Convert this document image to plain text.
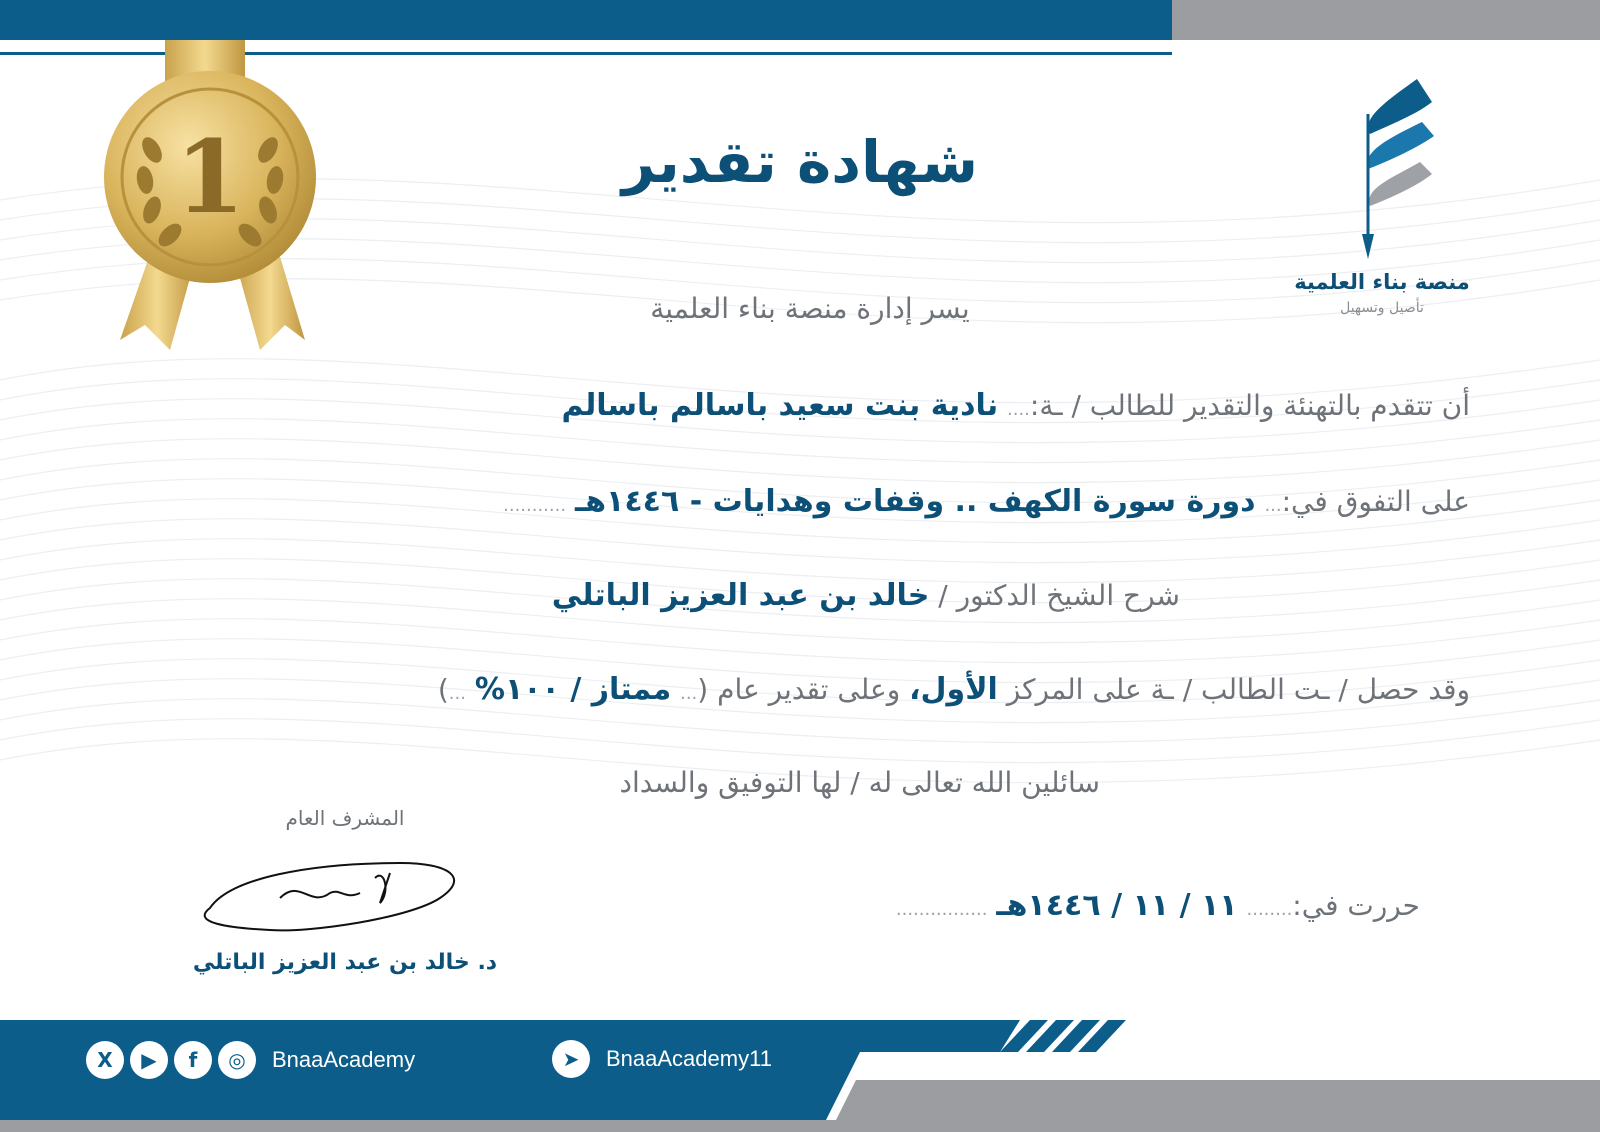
1
منصة بناء العلمية
تأصيل وتسهيل
شهادة تقدير
يسر إدارة منصة بناء العلمية
أن تتقدم بالتهنئة والتقدير للطالب / ـة:.... نادية بنت سعيد باسالم باسالم
على التفوق في:... دورة سورة الكهف .. وقفات وهدايات - ١٤٤٦هـ ...........
شرح الشيخ الدكتور / خالد بن عبد العزيز الباتلي
وقد حصل / ـت الطالب / ـة على المركز الأول، وعلى تقدير عام (... ممتاز / ١٠٠% ...)
سائلين الله تعالى له / لها التوفيق والسداد
حررت في:........ ١١ / ١١ / ١٤٤٦هـ ................
المشرف العام
د. خالد بن عبد العزيز الباتلي
X	▶	f	◎	BnaaAcademy	➤	BnaaAcademy11
